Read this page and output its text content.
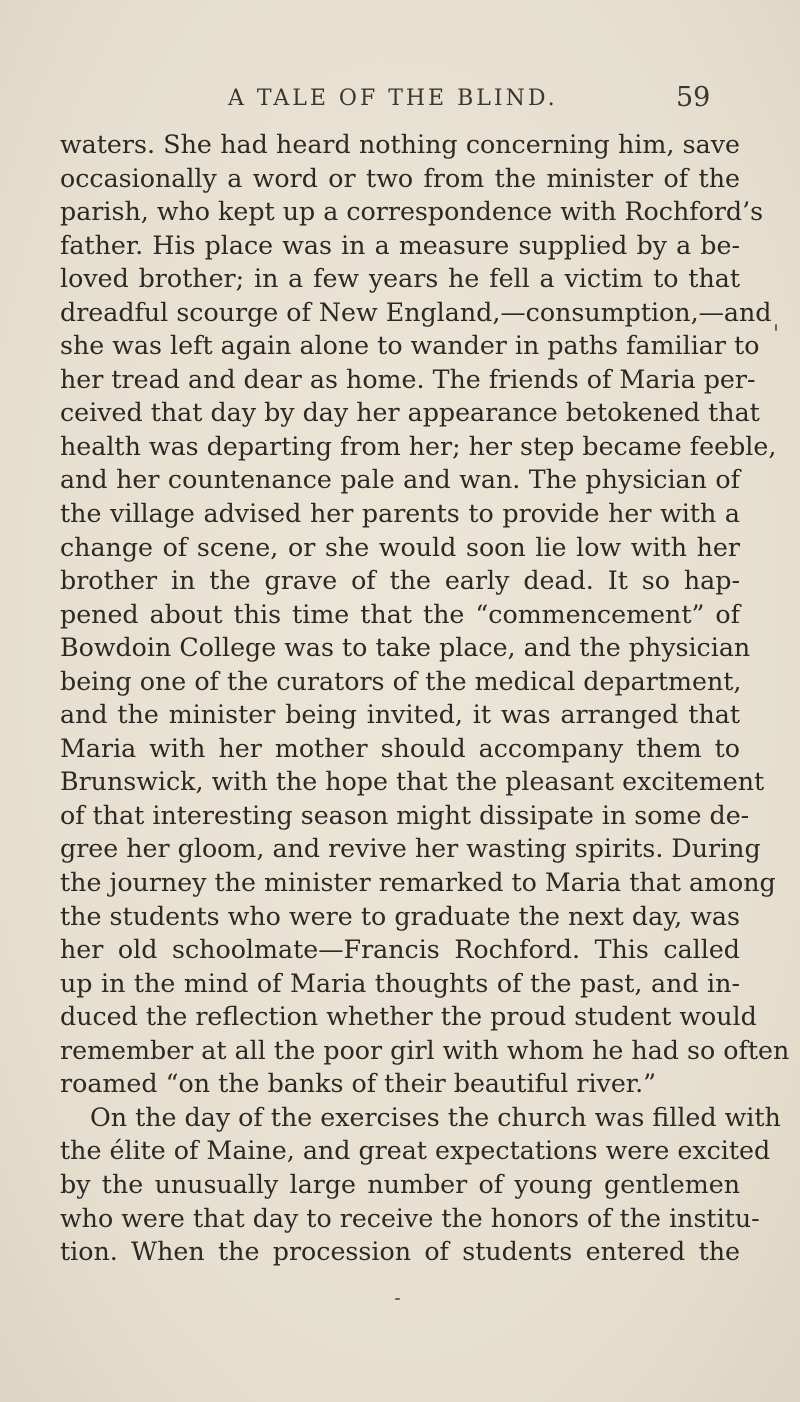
A TALE OF THE BLIND.	59
waters. She had heard nothing concerning him, save
occasionally a word or two from the minister of the
parish, who kept up a correspondence with Rochford’s
father. His place was in a measure supplied by a be-
loved brother; in a few years he fell a victim to that
dreadful scourge of New England,—consumption,—and
she was left again alone to wander in paths familiar to
her tread and dear as home. The friends of Maria per-
ceived that day by day her appearance betokened that
health was departing from her; her step became feeble,
and her countenance pale and wan. The physician of
the village advised her parents to provide her with a
change of scene, or she would soon lie low with her
brother in the grave of the early dead. It so hap-
pened about this time that the “commencement” of
Bowdoin College was to take place, and the physician
being one of the curators of the medical department,
and the minister being invited, it was arranged that
Maria with her mother should accompany them to
Brunswick, with the hope that the pleasant excitement
of that interesting season might dissipate in some de-
gree her gloom, and revive her wasting spirits. During
the journey the minister remarked to Maria that among
the students who were to graduate the next day, was
her old schoolmate—Francis Rochford. This called
up in the mind of Maria thoughts of the past, and in-
duced the reflection whether the proud student would
remember at all the poor girl with whom he had so often
roamed “on the banks of their beautiful river.”
On the day of the exercises the church was filled with
the élite of Maine, and great expectations were excited
by the unusually large number of young gentlemen
who were that day to receive the honors of the institu-
tion. When the procession of students entered the
